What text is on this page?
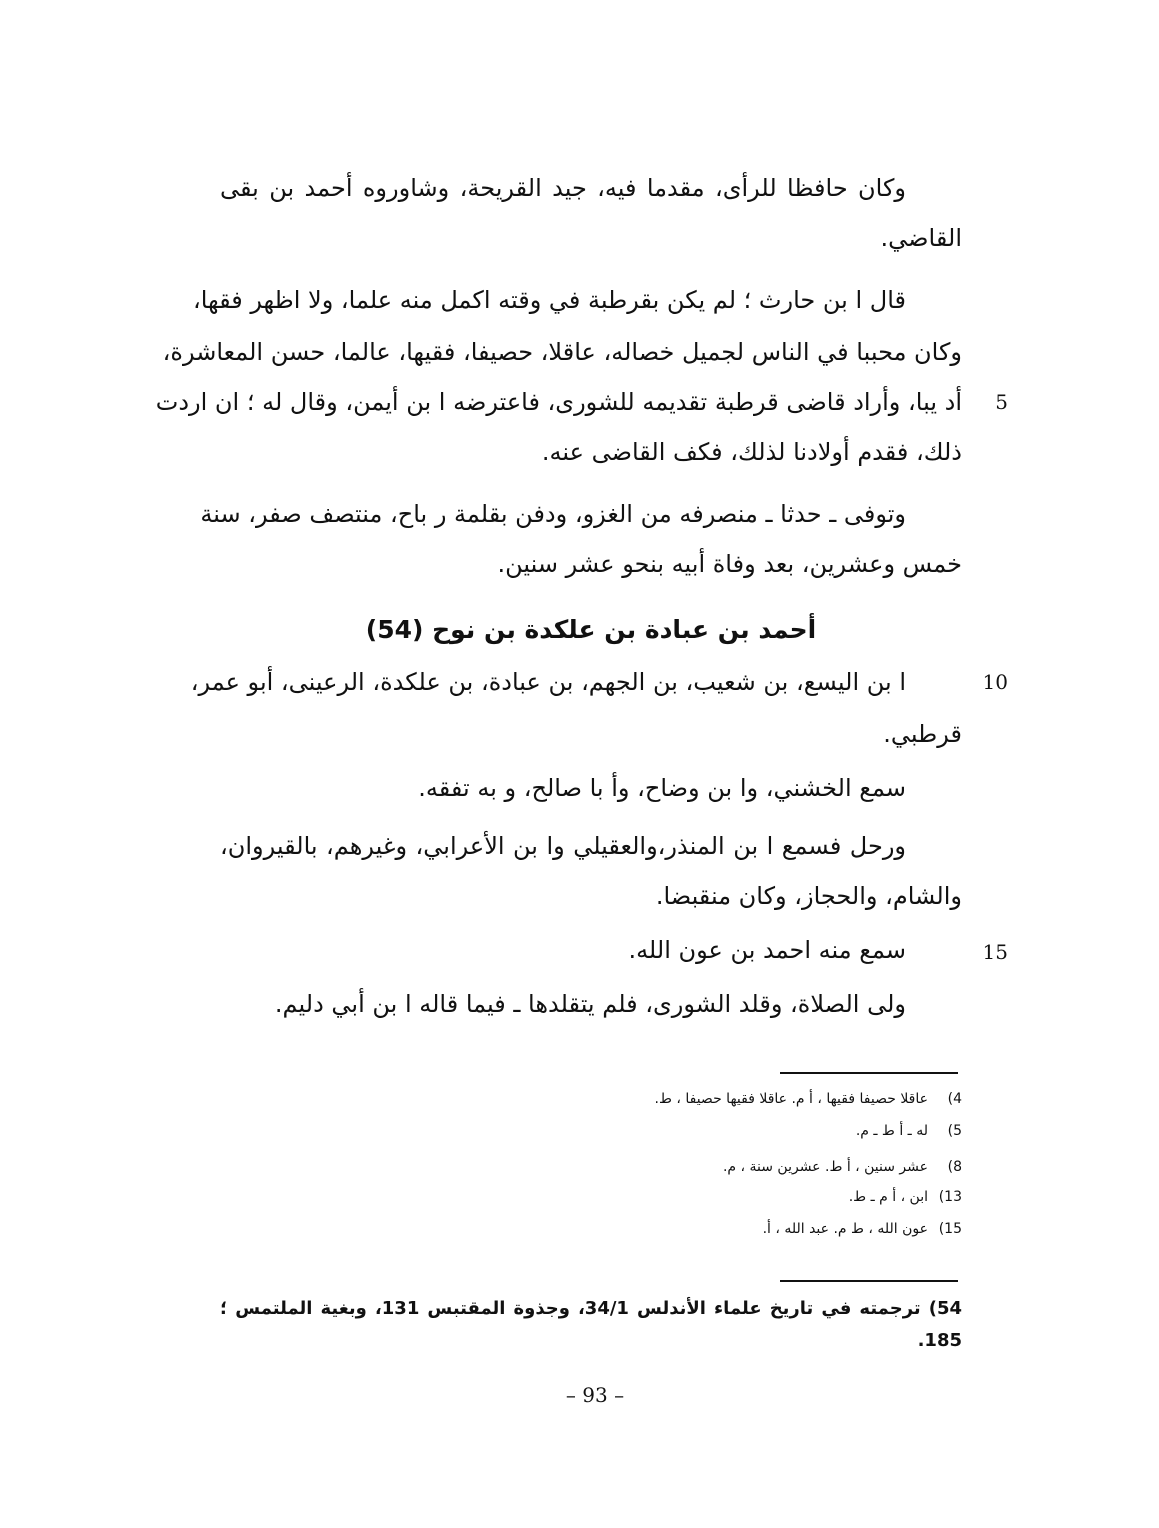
وكان حافظا للرأى، مقدما فيه، جيد القريحة، وشاوروه أحمد بن بقى
القاضي.
قال ا بن حارث ؛ لم يكن بقرطبة في وقته اكمل منه علما، ولا اظهر فقها،
وكان محببا في الناس لجميل خصاله، عاقلا، حصيفا، فقيها، عالما، حسن المعاشرة،
أد يبا، وأراد قاضى قرطبة تقديمه للشورى، فاعترضه ا بن أيمن، وقال له ؛ ان اردت	5
ذلك، فقدم أولادنا لذلك، فكف القاضى عنه.
وتوفى ـ حدثا ـ منصرفه من الغزو، ودفن بقلمة ر باح، منتصف صفر، سنة
خمس وعشرين، بعد وفاة أبيه بنحو عشر سنين.
أحمد بن عبادة بن علكدة بن نوح (54)
ا بن اليسع، بن شعيب، بن الجهم، بن عبادة، بن علكدة، الرعينى، أبو عمر،	10
قرطبي.
سمع الخشني، وا بن وضاح، وأ با صالح، و به تفقه.
ورحل فسمع ا بن المنذر،والعقيلي وا بن الأعرابي، وغيرهم، بالقيروان،
والشام، والحجاز، وكان منقبضا.
سمع منه احمد بن عون الله.	15
ولى الصلاة، وقلد الشورى، فلم يتقلدها ـ فيما قاله ا بن أبي دليم.
4)عاقلا حصيفا فقيها ، أ م. عاقلا فقيها حصيفا ، ط.
5)له ـ أ ط ـ م.
8)عشر سنين ، أ ط. عشرين سنة ، م.
13)ابن ، أ م ـ ط.
15)عون الله ، ط م. عبد الله ، أ.
54) ترجمته في تاريخ علماء الأندلس 34/1، وجذوة المقتبس 131، وبغية الملتمس ؛
185.
– 93 –
